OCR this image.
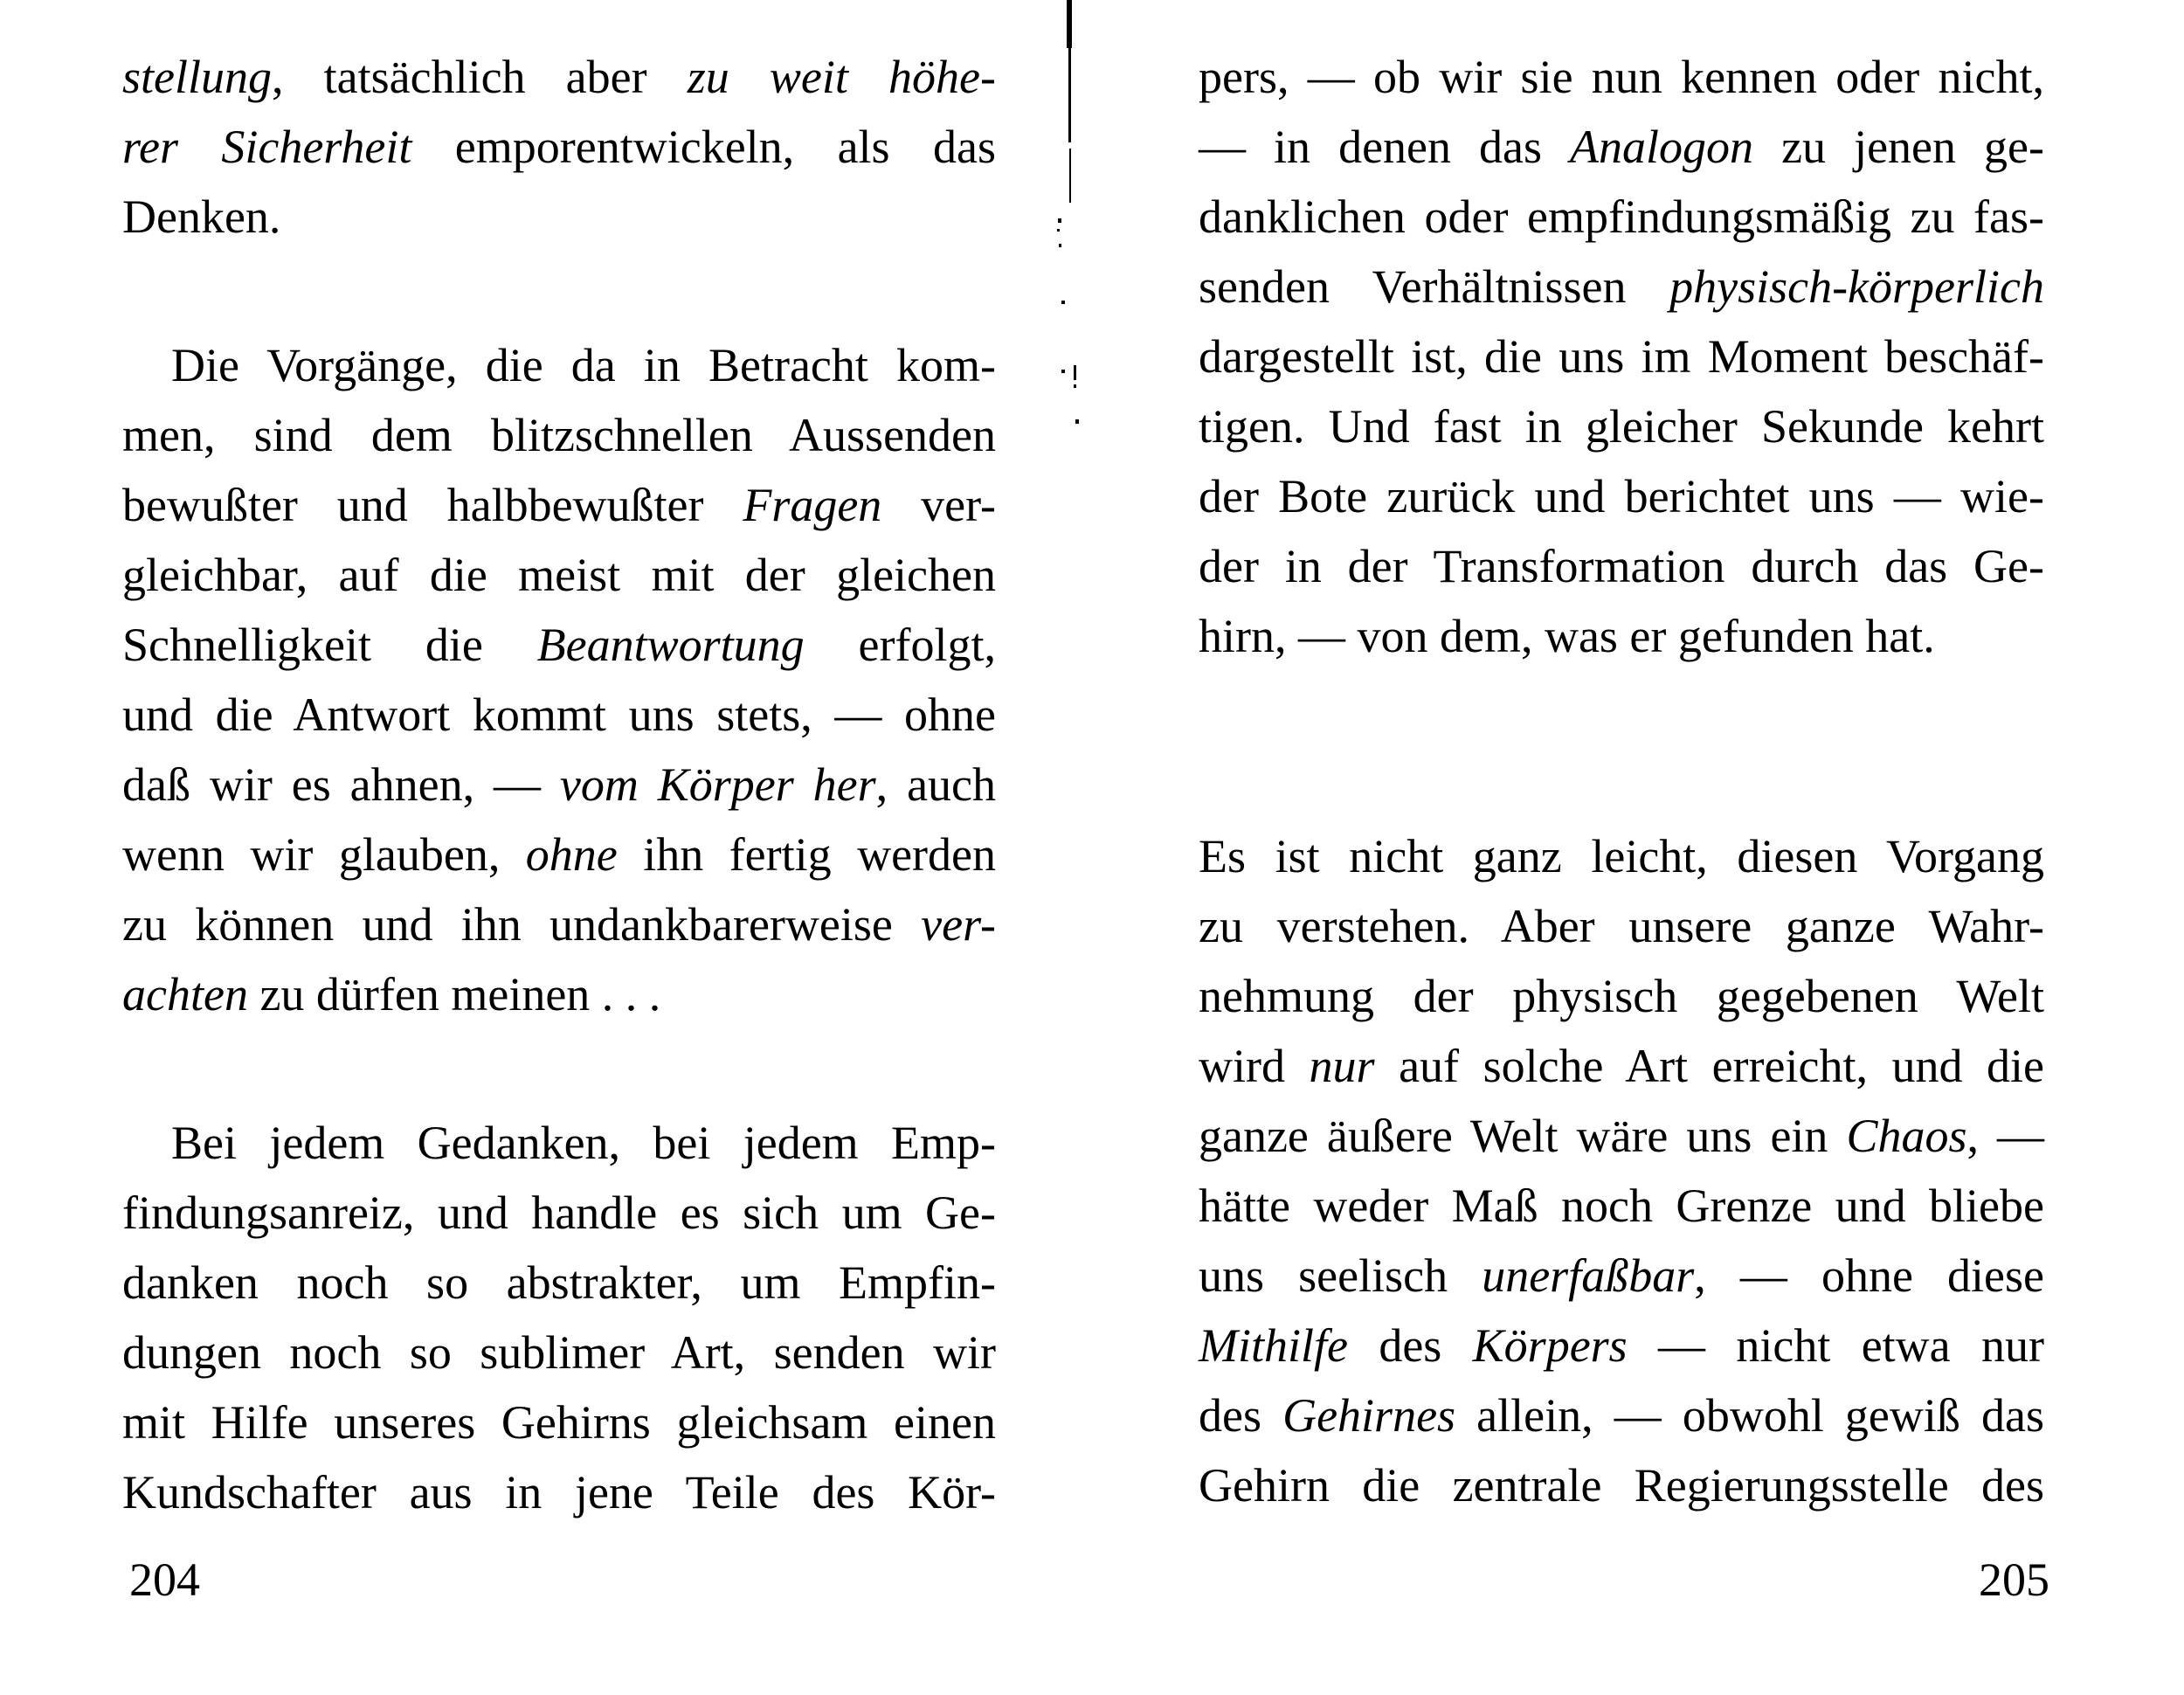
stellung, tatsächlich aber zu weit höhe-
rer Sicherheit emporentwickeln, als das
Denken.
Die Vorgänge, die da in Betracht kom-
men, sind dem blitzschnellen Aussenden
bewußter und halbbewußter Fragen ver-
gleichbar, auf die meist mit der gleichen
Schnelligkeit die Beantwortung erfolgt,
und die Antwort kommt uns stets, — ohne
daß wir es ahnen, — vom Körper her, auch
wenn wir glauben, ohne ihn fertig werden
zu können und ihn undankbarerweise ver-
achten zu dürfen meinen . . .
Bei jedem Gedanken, bei jedem Emp-
findungsanreiz, und handle es sich um Ge-
danken noch so abstrakter, um Empfin-
dungen noch so sublimer Art, senden wir
mit Hilfe unseres Gehirns gleichsam einen
Kundschafter aus in jene Teile des Kör-
204
pers, — ob wir sie nun kennen oder nicht,
— in denen das Analogon zu jenen ge-
danklichen oder empfindungsmäßig zu fas-
senden Verhältnissen physisch-körperlich
dargestellt ist, die uns im Moment beschäf-
tigen. Und fast in gleicher Sekunde kehrt
der Bote zurück und berichtet uns — wie-
der in der Transformation durch das Ge-
hirn, — von dem, was er gefunden hat.
Es ist nicht ganz leicht, diesen Vorgang
zu verstehen. Aber unsere ganze Wahr-
nehmung der physisch gegebenen Welt
wird nur auf solche Art erreicht, und die
ganze äußere Welt wäre uns ein Chaos, —
hätte weder Maß noch Grenze und bliebe
uns seelisch unerfaßbar, — ohne diese
Mithilfe des Körpers — nicht etwa nur
des Gehirnes allein, — obwohl gewiß das
Gehirn die zentrale Regierungsstelle des
205
